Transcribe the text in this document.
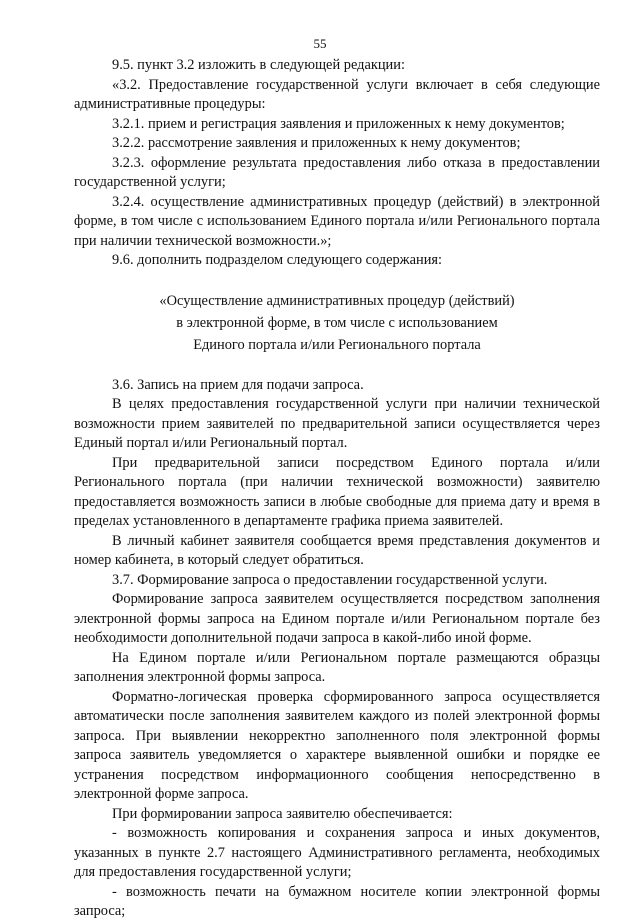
55

9.5. пункт 3.2 изложить в следующей редакции:

«3.2. Предоставление государственной услуги включает в себя следующие административные процедуры:

3.2.1. прием и регистрация заявления и приложенных к нему документов;

3.2.2. рассмотрение заявления и приложенных к нему документов;

3.2.3. оформление результата предоставления либо отказа в предоставлении государственной услуги;

3.2.4. осуществление административных процедур (действий) в электронной форме, в том числе с использованием Единого портала и/или Регионального портала при наличии технической возможности.»;

9.6. дополнить подразделом следующего содержания:

«Осуществление административных процедур (действий)
в электронной форме, в том числе с использованием
Единого портала и/или Регионального портала

3.6. Запись на прием для подачи запроса.

В целях предоставления государственной услуги при наличии технической возможности прием заявителей по предварительной записи осуществляется через Единый портал и/или Региональный портал.

При предварительной записи посредством Единого портала и/или Регионального портала (при наличии технической возможности) заявителю предоставляется возможность записи в любые свободные для приема дату и время в пределах установленного в департаменте графика приема заявителей.

В личный кабинет заявителя сообщается время представления документов и номер кабинета, в который следует обратиться.

3.7. Формирование запроса о предоставлении государственной услуги.

Формирование запроса заявителем осуществляется посредством заполнения электронной формы запроса на Едином портале и/или Региональном портале без необходимости дополнительной подачи запроса в какой-либо иной форме.

На Едином портале и/или Региональном портале размещаются образцы заполнения электронной формы запроса.

Форматно-логическая проверка сформированного запроса осуществляется автоматически после заполнения заявителем каждого из полей электронной формы запроса. При выявлении некорректно заполненного поля электронной формы запроса заявитель уведомляется о характере выявленной ошибки и порядке ее устранения посредством информационного сообщения непосредственно в электронной форме запроса.

При формировании запроса заявителю обеспечивается:

- возможность копирования и сохранения запроса и иных документов, указанных в пункте 2.7 настоящего Административного регламента, необходимых для предоставления государственной услуги;

- возможность печати на бумажном носителе копии электронной формы запроса;
